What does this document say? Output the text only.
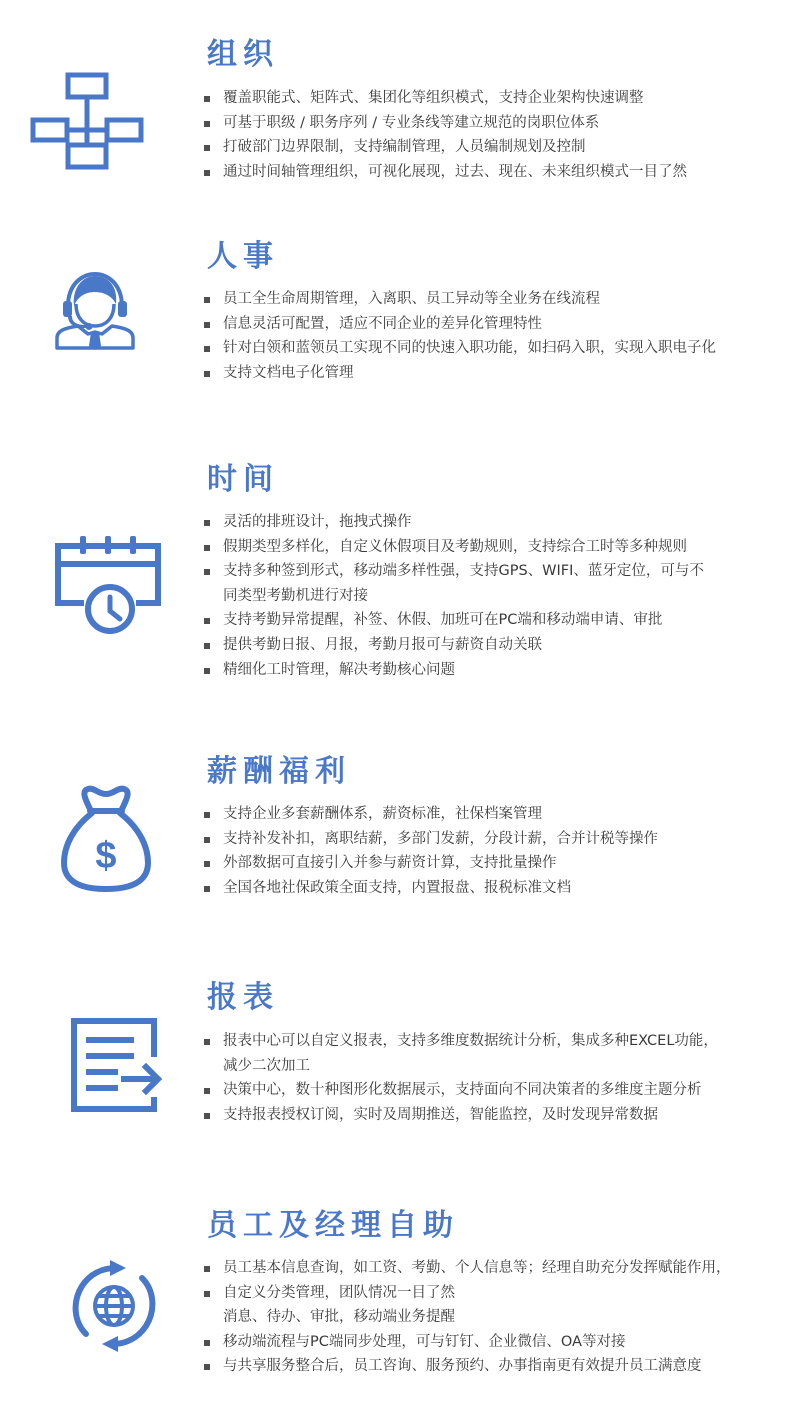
组织
覆盖职能式、矩阵式、集团化等组织模式，支持企业架构快速调整
可基于职级 / 职务序列 / 专业条线等建立规范的岗职位体系
打破部门边界限制，支持编制管理，人员编制规划及控制
通过时间轴管理组织，可视化展现，过去、现在、未来组织模式一目了然
人事
员工全生命周期管理，入离职、员工异动等全业务在线流程
信息灵活可配置，适应不同企业的差异化管理特性
针对白领和蓝领员工实现不同的快速入职功能，如扫码入职，实现入职电子化
支持文档电子化管理
时间
灵活的排班设计，拖拽式操作
假期类型多样化，自定义休假项目及考勤规则，支持综合工时等多种规则
支持多种签到形式，移动端多样性强，支持GPS、WIFI、蓝牙定位，可与不
同类型考勤机进行对接
支持考勤异常提醒，补签、休假、加班可在PC端和移动端申请、审批
提供考勤日报、月报，考勤月报可与薪资自动关联
精细化工时管理，解决考勤核心问题
$
薪酬福利
支持企业多套薪酬体系，薪资标准，社保档案管理
支持补发补扣，离职结薪，多部门发薪，分段计薪，合并计税等操作
外部数据可直接引入并参与薪资计算，支持批量操作
全国各地社保政策全面支持，内置报盘、报税标准文档
报表
报表中心可以自定义报表，支持多维度数据统计分析，集成多种EXCEL功能，
减少二次加工
决策中心，数十种图形化数据展示，支持面向不同决策者的多维度主题分析
支持报表授权订阅，实时及周期推送，智能监控，及时发现异常数据
员工及经理自助
员工基本信息查询，如工资、考勤、个人信息等；经理自助充分发挥赋能作用，
自定义分类管理，团队情况一目了然
消息、待办、审批，移动端业务提醒
移动端流程与PC端同步处理，可与钉钉、企业微信、OA等对接
与共享服务整合后，员工咨询、服务预约、办事指南更有效提升员工满意度
